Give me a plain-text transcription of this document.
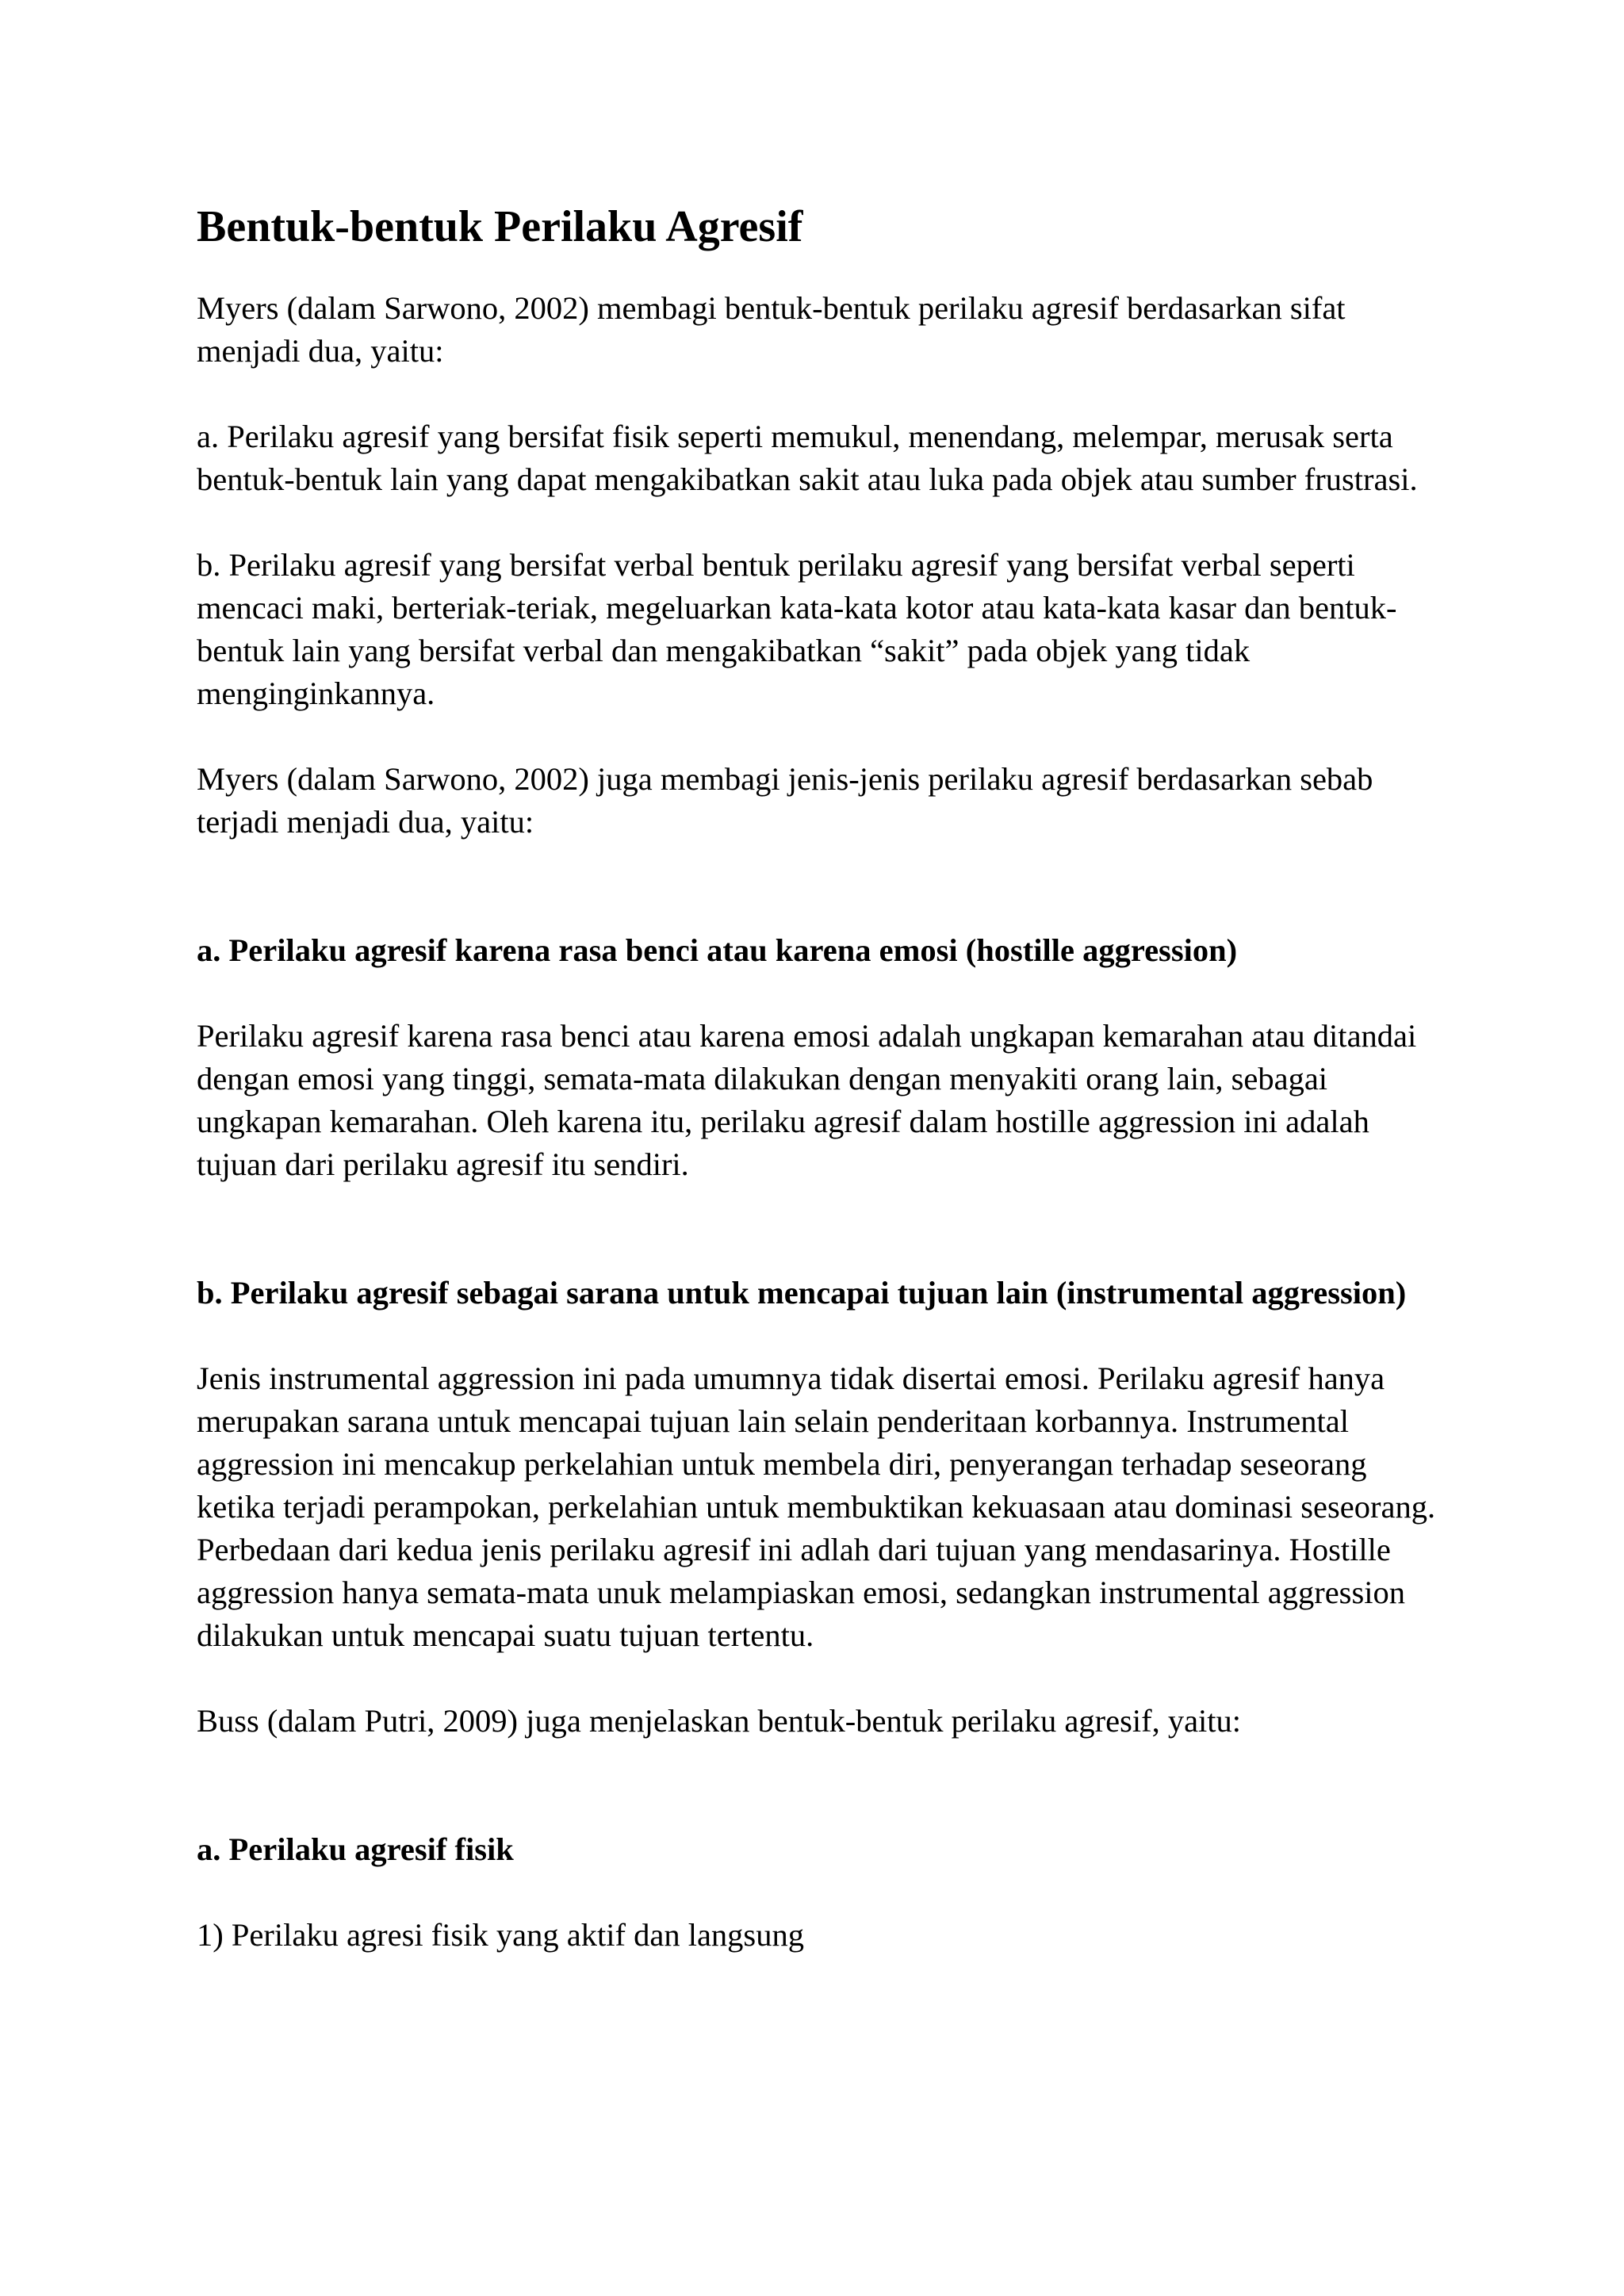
Bentuk-bentuk Perilaku Agresif

Myers (dalam Sarwono, 2002) membagi bentuk-bentuk perilaku agresif berdasarkan sifat menjadi dua, yaitu:

a. Perilaku agresif yang bersifat fisik seperti memukul, menendang, melempar, merusak serta bentuk-bentuk lain yang dapat mengakibatkan sakit atau luka pada objek atau sumber frustrasi.

b. Perilaku agresif yang bersifat verbal bentuk perilaku agresif yang bersifat verbal seperti mencaci maki, berteriak-teriak, megeluarkan kata-kata kotor atau kata-kata kasar dan bentuk-bentuk lain yang bersifat verbal dan mengakibatkan “sakit” pada objek yang tidak menginginkannya.

Myers (dalam Sarwono, 2002) juga membagi jenis-jenis perilaku agresif berdasarkan sebab terjadi menjadi dua, yaitu:

a. Perilaku agresif karena rasa benci atau karena emosi (hostille aggression)

Perilaku agresif karena rasa benci atau karena emosi adalah ungkapan kemarahan atau ditandai dengan emosi yang tinggi, semata-mata dilakukan dengan menyakiti orang lain, sebagai ungkapan kemarahan. Oleh karena itu, perilaku agresif dalam hostille aggression ini adalah tujuan dari perilaku agresif itu sendiri.

b. Perilaku agresif sebagai sarana untuk mencapai tujuan lain (instrumental aggression)

Jenis instrumental aggression ini pada umumnya tidak disertai emosi. Perilaku agresif hanya merupakan sarana untuk mencapai tujuan lain selain penderitaan korbannya. Instrumental aggression ini mencakup perkelahian untuk membela diri, penyerangan terhadap seseorang ketika terjadi perampokan, perkelahian untuk membuktikan kekuasaan atau dominasi seseorang. Perbedaan dari kedua jenis perilaku agresif ini adlah dari tujuan yang mendasarinya. Hostille aggression hanya semata-mata unuk melampiaskan emosi, sedangkan instrumental aggression dilakukan untuk mencapai suatu tujuan tertentu.

Buss (dalam Putri, 2009) juga menjelaskan bentuk-bentuk perilaku agresif, yaitu:

a. Perilaku agresif fisik

1) Perilaku agresi fisik yang aktif dan langsung
